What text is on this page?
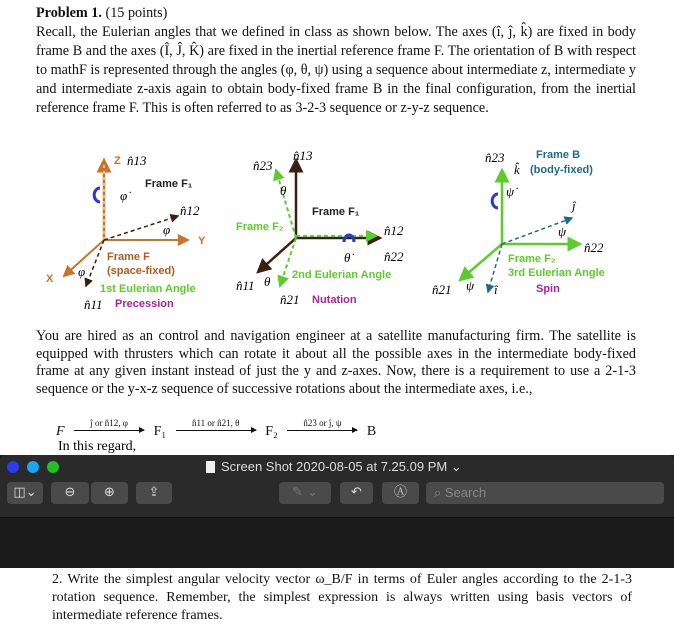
Problem 1. (15 points)
Recall, the Eulerian angles that we defined in class as shown below. The axes (î, ĵ, k̂) are fixed in body frame B and the axes (Î, Ĵ, K̂) are fixed in the inertial reference frame F. The orientation of B with respect to mathF is represented through the angles (φ, θ, ψ) using a sequence about intermediate z, intermediate y and intermediate z-axis again to obtain body-fixed frame B in the final configuration, from the inertial reference frame F. This is often referred to as 3-2-3 sequence or z-y-z sequence.
Z n̂13
φ̇
Frame F₁
n̂12
φ
Y
X φ
Frame F
(space-fixed)
1st Eulerian Angle
n̂11 Precession
n̂23
n̂13
θ
Frame F₁
Frame F₂	n̂12
θ̇	n̂22
2nd Eulerian Angle
n̂11 θ
n̂21 Nutation
n̂23
k̂
Frame B
(body-fixed)
ψ̇
ĵ
ψ
n̂22
Frame F₂
3rd Eulerian Angle
n̂21 ψ î	Spin
You are hired as an control and navigation engineer at a satellite manufacturing firm. The satellite is equipped with thrusters which can rotate it about all the possible axes in the intermediate body-fixed frame at any given instant instead of just the y and z-axes. Now, there is a requirement to use a 2-1-3 sequence or the y-x-z sequence of successive rotations about the intermediate axes, i.e.,
F
ĵ or n̂12, φ
F₁
n̂11 or n̂21, θ
F₂
n̂23 or ĵ, ψ
B
In this regard,
Screen Shot 2020-08-05 at 7.25.09 PM ⌄
◫⌄	⊖	⊕	⇪	✎ ⌄	↶	Ⓐ	⌕ Search
2. Write the simplest angular velocity vector ω_B/F in terms of Euler angles according to the 2-1-3 rotation sequence. Remember, the simplest expression is always written using basis vectors of intermediate reference frames.
